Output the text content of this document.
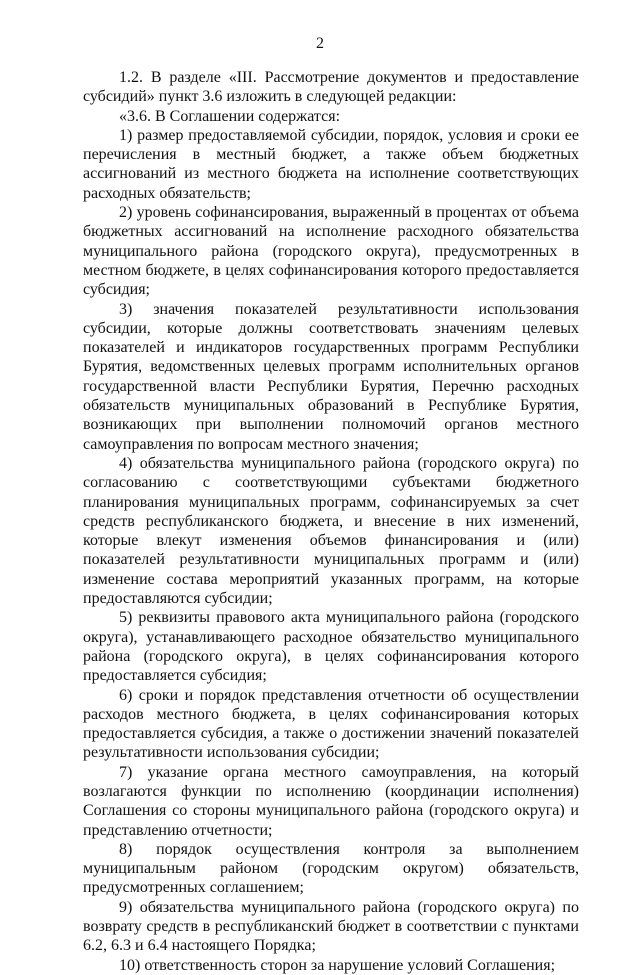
2

1.2. В разделе «III. Рассмотрение документов и предоставление субсидий» пункт 3.6 изложить в следующей редакции:

«3.6. В Соглашении содержатся:

1) размер предоставляемой субсидии, порядок, условия и сроки ее перечисления в местный бюджет, а также объем бюджетных ассигнований из местного бюджета на исполнение соответствующих расходных обязательств;

2) уровень софинансирования, выраженный в процентах от объема бюджетных ассигнований на исполнение расходного обязательства муниципального района (городского округа), предусмотренных в местном бюджете, в целях софинансирования которого предоставляется субсидия;

3) значения показателей результативности использования субсидии, которые должны соответствовать значениям целевых показателей и индикаторов государственных программ Республики Бурятия, ведомственных целевых программ исполнительных органов государственной власти Республики Бурятия, Перечню расходных обязательств муниципальных образований в Республике Бурятия, возникающих при выполнении полномочий органов местного самоуправления по вопросам местного значения;

4) обязательства муниципального района (городского округа) по согласованию с соответствующими субъектами бюджетного планирования муниципальных программ, софинансируемых за счет средств республиканского бюджета, и внесение в них изменений, которые влекут изменения объемов финансирования и (или) показателей результативности муниципальных программ и (или) изменение состава мероприятий указанных программ, на которые предоставляются субсидии;

5) реквизиты правового акта муниципального района (городского округа), устанавливающего расходное обязательство муниципального района (городского округа), в целях софинансирования которого предоставляется субсидия;

6) сроки и порядок представления отчетности об осуществлении расходов местного бюджета, в целях софинансирования которых предоставляется субсидия, а также о достижении значений показателей результативности использования субсидии;

7) указание органа местного самоуправления, на который возлагаются функции по исполнению (координации исполнения) Соглашения со стороны муниципального района (городского округа) и представлению отчетности;

8) порядок осуществления контроля за выполнением муниципальным районом (городским округом) обязательств, предусмотренных соглашением;

9) обязательства муниципального района (городского округа) по возврату средств в республиканский бюджет в соответствии с пунктами 6.2, 6.3 и 6.4 настоящего Порядка;

10) ответственность сторон за нарушение условий Соглашения;
